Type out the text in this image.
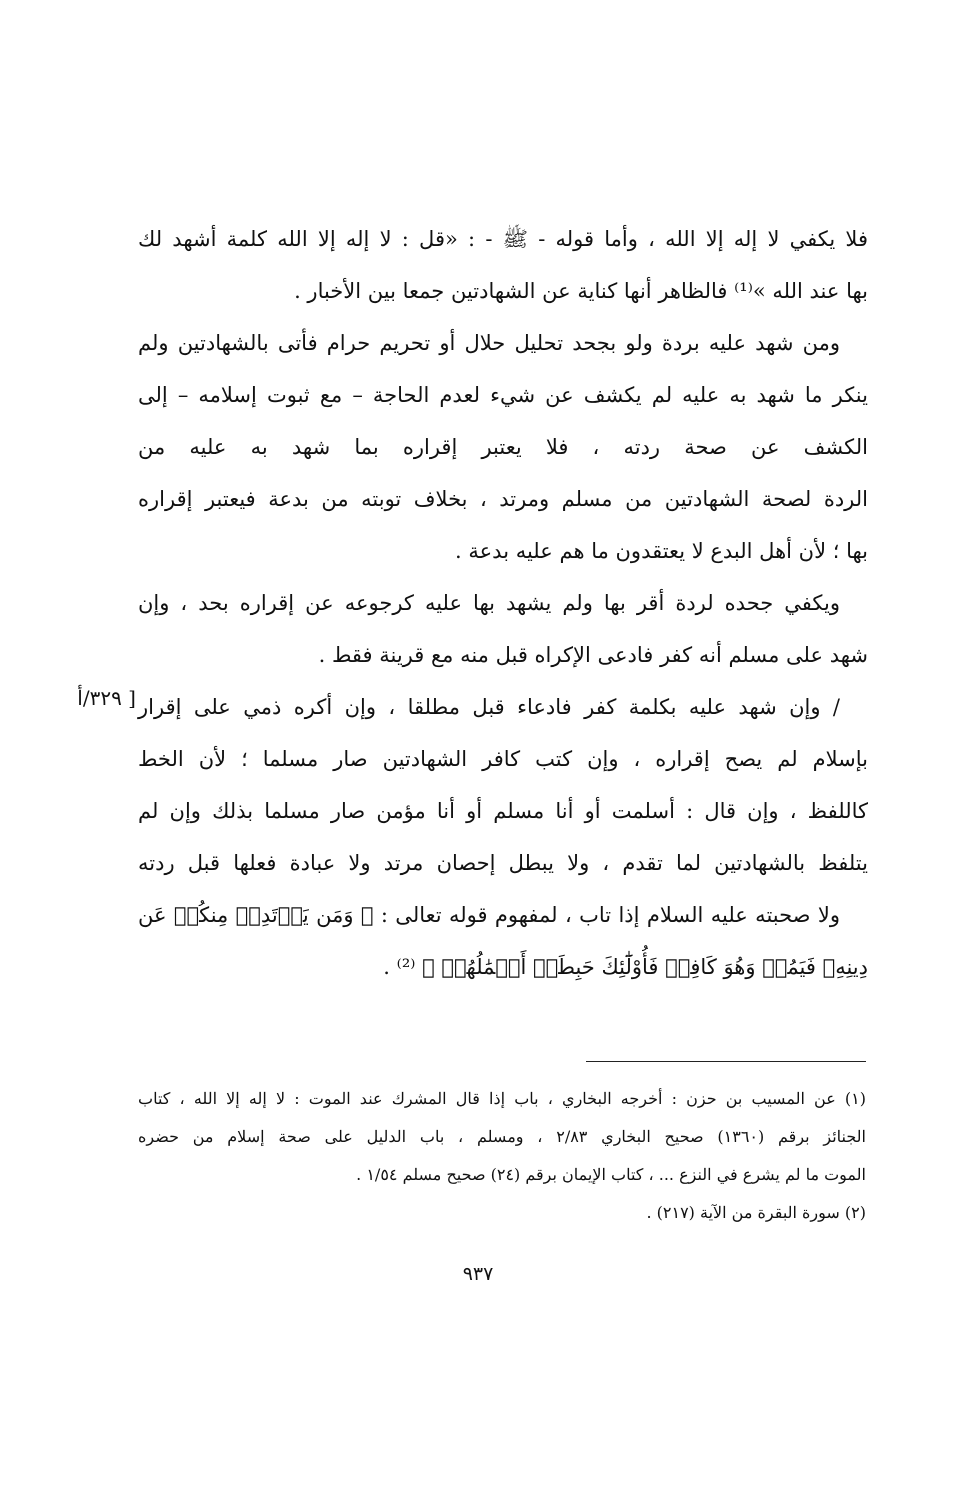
فلا يكفي لا إله إلا الله ، وأما قوله - ﷺ - : «قل : لا إله إلا الله كلمة أشهد لك
بها عند الله »⁽¹⁾ فالظاهر أنها كناية عن الشهادتين جمعا بين الأخبار .
ومن شهد عليه بردة ولو بجحد تحليل حلال أو تحريم حرام فأتى بالشهادتين ولم
ينكر ما شهد به عليه لم يكشف عن شيء لعدم الحاجة – مع ثبوت إسلامه – إلى
الكشف عن صحة ردته ، فلا يعتبر إقراره بما شهد به عليه من
الردة لصحة الشهادتين من مسلم ومرتد ، بخلاف توبته من بدعة فيعتبر إقراره
بها ؛ لأن أهل البدع لا يعتقدون ما هم عليه بدعة .
ويكفي جحده لردة أقر بها ولم يشهد بها عليه كرجوعه عن إقراره بحد ، وإن
شهد على مسلم أنه كفر فادعى الإكراه قبل منه مع قرينة فقط .
/ وإن شهد عليه بكلمة كفر فادعاء قبل مطلقا ، وإن أكره ذمي على إقرار
بإسلام لم يصح إقراره ، وإن كتب كافر الشهادتين صار مسلما ؛ لأن الخط
كاللفظ ، وإن قال : أسلمت أو أنا مسلم أو أنا مؤمن صار مسلما بذلك وإن لم
يتلفظ بالشهادتين لما تقدم ، ولا يبطل إحصان مرتد ولا عبادة فعلها قبل ردته
ولا صحبته عليه السلام إذا تاب ، لمفهوم قوله تعالى : ﴿ وَمَن يَرۡتَدِدۡ مِنكُمۡ عَن
دِينِهِۦ فَيَمُتۡ وَهُوَ كَافِرٞ فَأُوْلَٰٓئِكَ حَبِطَتۡ أَعۡمَٰلُهُمۡ ﴾ ⁽²⁾ .
[ ٣٢٩/أ
(١) عن المسيب بن حزن : أخرجه البخاري ، باب إذا قال المشرك عند الموت : لا إله إلا الله ، كتاب
الجنائز برقم (١٣٦٠) صحيح البخاري ٢/٨٣ ، ومسلم ، باب الدليل على صحة إسلام من حضره
الموت ما لم يشرع في النزع ... ، كتاب الإيمان برقم (٢٤) صحيح مسلم ١/٥٤ .
(٢) سورة البقرة من الآية (٢١٧) .
٩٣٧
